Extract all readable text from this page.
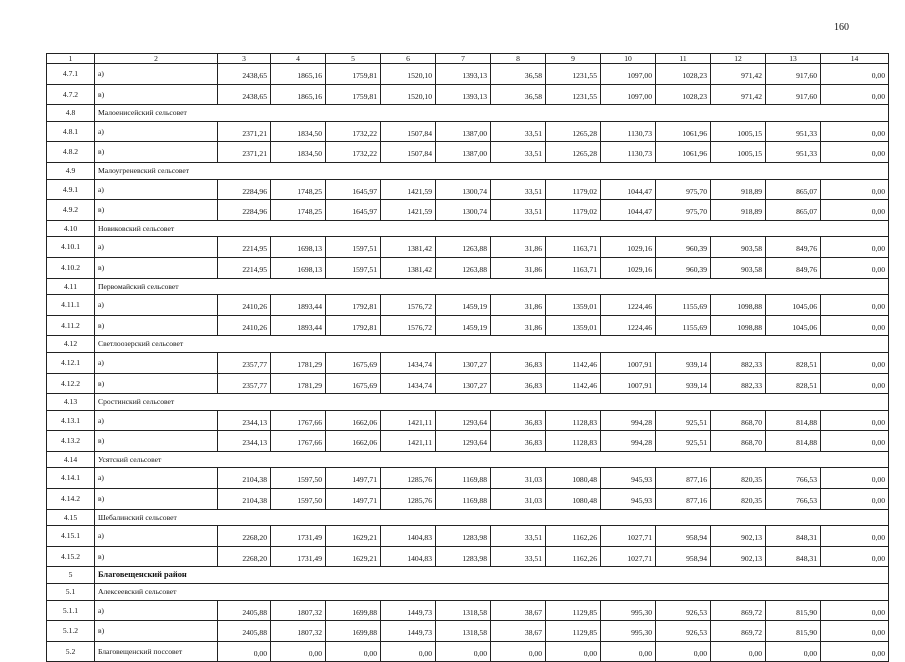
160
1	2	3	4	5	6	7	8	9	10	11	12	13	14
4.7.1	а)	2438,65	1865,16	1759,81	1520,10	1393,13	36,58	1231,55	1097,00	1028,23	971,42	917,60	0,00
4.7.2	в)	2438,65	1865,16	1759,81	1520,10	1393,13	36,58	1231,55	1097,00	1028,23	971,42	917,60	0,00
4.8	Малоенисейский сельсовет												
4.8.1	а)	2371,21	1834,50	1732,22	1507,84	1387,00	33,51	1265,28	1130,73	1061,96	1005,15	951,33	0,00
4.8.2	в)	2371,21	1834,50	1732,22	1507,84	1387,00	33,51	1265,28	1130,73	1061,96	1005,15	951,33	0,00
4.9	Малоугреневский сельсовет												
4.9.1	а)	2284,96	1748,25	1645,97	1421,59	1300,74	33,51	1179,02	1044,47	975,70	918,89	865,07	0,00
4.9.2	в)	2284,96	1748,25	1645,97	1421,59	1300,74	33,51	1179,02	1044,47	975,70	918,89	865,07	0,00
4.10	Новиковский сельсовет												
4.10.1	а)	2214,95	1698,13	1597,51	1381,42	1263,88	31,86	1163,71	1029,16	960,39	903,58	849,76	0,00
4.10.2	в)	2214,95	1698,13	1597,51	1381,42	1263,88	31,86	1163,71	1029,16	960,39	903,58	849,76	0,00
4.11	Первомайский сельсовет												
4.11.1	а)	2410,26	1893,44	1792,81	1576,72	1459,19	31,86	1359,01	1224,46	1155,69	1098,88	1045,06	0,00
4.11.2	в)	2410,26	1893,44	1792,81	1576,72	1459,19	31,86	1359,01	1224,46	1155,69	1098,88	1045,06	0,00
4.12	Светлоозерский сельсовет												
4.12.1	а)	2357,77	1781,29	1675,69	1434,74	1307,27	36,83	1142,46	1007,91	939,14	882,33	828,51	0,00
4.12.2	в)	2357,77	1781,29	1675,69	1434,74	1307,27	36,83	1142,46	1007,91	939,14	882,33	828,51	0,00
4.13	Сростинский сельсовет												
4.13.1	а)	2344,13	1767,66	1662,06	1421,11	1293,64	36,83	1128,83	994,28	925,51	868,70	814,88	0,00
4.13.2	в)	2344,13	1767,66	1662,06	1421,11	1293,64	36,83	1128,83	994,28	925,51	868,70	814,88	0,00
4.14	Усятский сельсовет												
4.14.1	а)	2104,38	1597,50	1497,71	1285,76	1169,88	31,03	1080,48	945,93	877,16	820,35	766,53	0,00
4.14.2	в)	2104,38	1597,50	1497,71	1285,76	1169,88	31,03	1080,48	945,93	877,16	820,35	766,53	0,00
4.15	Шебалинский сельсовет												
4.15.1	а)	2268,20	1731,49	1629,21	1404,83	1283,98	33,51	1162,26	1027,71	958,94	902,13	848,31	0,00
4.15.2	в)	2268,20	1731,49	1629,21	1404,83	1283,98	33,51	1162,26	1027,71	958,94	902,13	848,31	0,00
5	Благовещенский район												
5.1	Алексеевский сельсовет												
5.1.1	а)	2405,88	1807,32	1699,88	1449,73	1318,58	38,67	1129,85	995,30	926,53	869,72	815,90	0,00
5.1.2	в)	2405,88	1807,32	1699,88	1449,73	1318,58	38,67	1129,85	995,30	926,53	869,72	815,90	0,00
5.2	Благовещенский поссовет	0,00	0,00	0,00	0,00	0,00	0,00	0,00	0,00	0,00	0,00	0,00	0,00
